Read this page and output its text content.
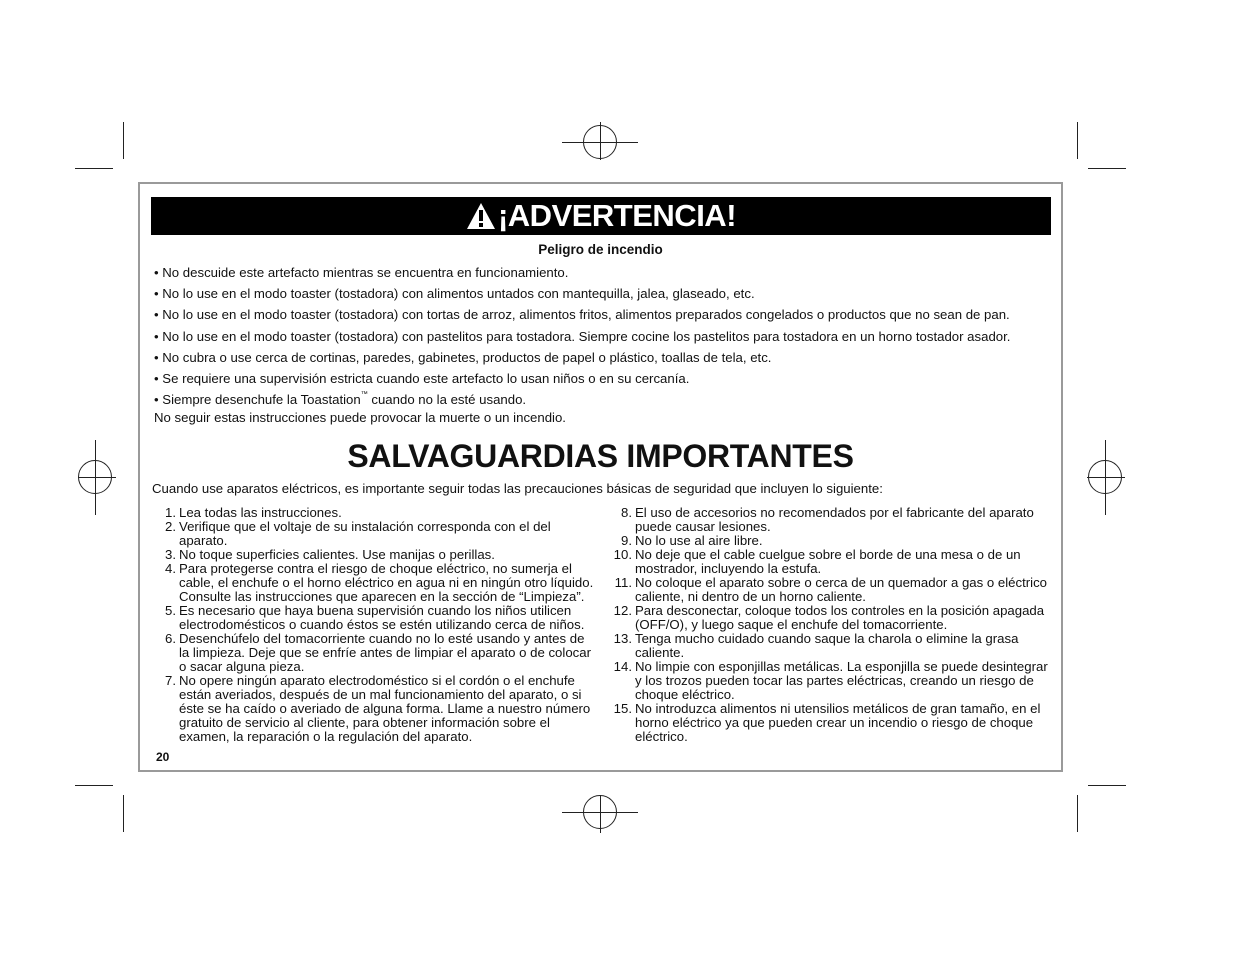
¡ADVERTENCIA!
Peligro de incendio
• No descuide este artefacto mientras se encuentra en funcionamiento.
• No lo use en el modo toaster (tostadora) con alimentos untados con mantequilla, jalea, glaseado, etc.
• No lo use en el modo toaster (tostadora) con tortas de arroz, alimentos fritos, alimentos preparados congelados o productos que no sean de pan.
• No lo use en el modo toaster (tostadora) con pastelitos para tostadora. Siempre cocine los pastelitos para tostadora en un horno tostador asador.
• No cubra o use cerca de cortinas, paredes, gabinetes, productos de papel o plástico, toallas de tela, etc.
• Se requiere una supervisión estricta cuando este artefacto lo usan niños o en su cercanía.
• Siempre desenchufe la Toastation™ cuando no la esté usando.
No seguir estas instrucciones puede provocar la muerte o un incendio.
SALVAGUARDIAS IMPORTANTES
Cuando use aparatos eléctricos, es importante seguir todas las precauciones básicas de seguridad que incluyen lo siguiente:
1. Lea todas las instrucciones.
2. Verifique que el voltaje de su instalación corresponda con el del aparato.
3. No toque superficies calientes. Use manijas o perillas.
4. Para protegerse contra el riesgo de choque eléctrico, no sumerja el cable, el enchufe o el horno eléctrico en agua ni en ningún otro líquido. Consulte las instrucciones que aparecen en la sección de “Limpieza”.
5. Es necesario que haya buena supervisión cuando los niños utilicen electrodomésticos o cuando éstos se estén utilizando cerca de niños.
6. Desenchúfelo del tomacorriente cuando no lo esté usando y antes de la limpieza. Deje que se enfríe antes de limpiar el aparato o de colocar o sacar alguna pieza.
7. No opere ningún aparato electrodoméstico si el cordón o el enchufe están averiados, después de un mal funcionamiento del aparato, o si éste se ha caído o averiado de alguna forma. Llame a nuestro número gratuito de servicio al cliente, para obtener información sobre el examen, la reparación o la regulación del aparato.
8. El uso de accesorios no recomendados por el fabricante del aparato puede causar lesiones.
9. No lo use al aire libre.
10. No deje que el cable cuelgue sobre el borde de una mesa o de un mostrador, incluyendo la estufa.
11. No coloque el aparato sobre o cerca de un quemador a gas o eléctrico caliente, ni dentro de un horno caliente.
12. Para desconectar, coloque todos los controles en la posición apagada (OFF/O), y luego saque el enchufe del tomacorriente.
13. Tenga mucho cuidado cuando saque la charola o elimine la grasa caliente.
14. No limpie con esponjillas metálicas. La esponjilla se puede desintegrar y los trozos pueden tocar las partes eléctricas, creando un riesgo de choque eléctrico.
15. No introduzca alimentos ni utensilios metálicos de gran tamaño, en el horno eléctrico ya que pueden crear un incendio o riesgo de choque eléctrico.
20
